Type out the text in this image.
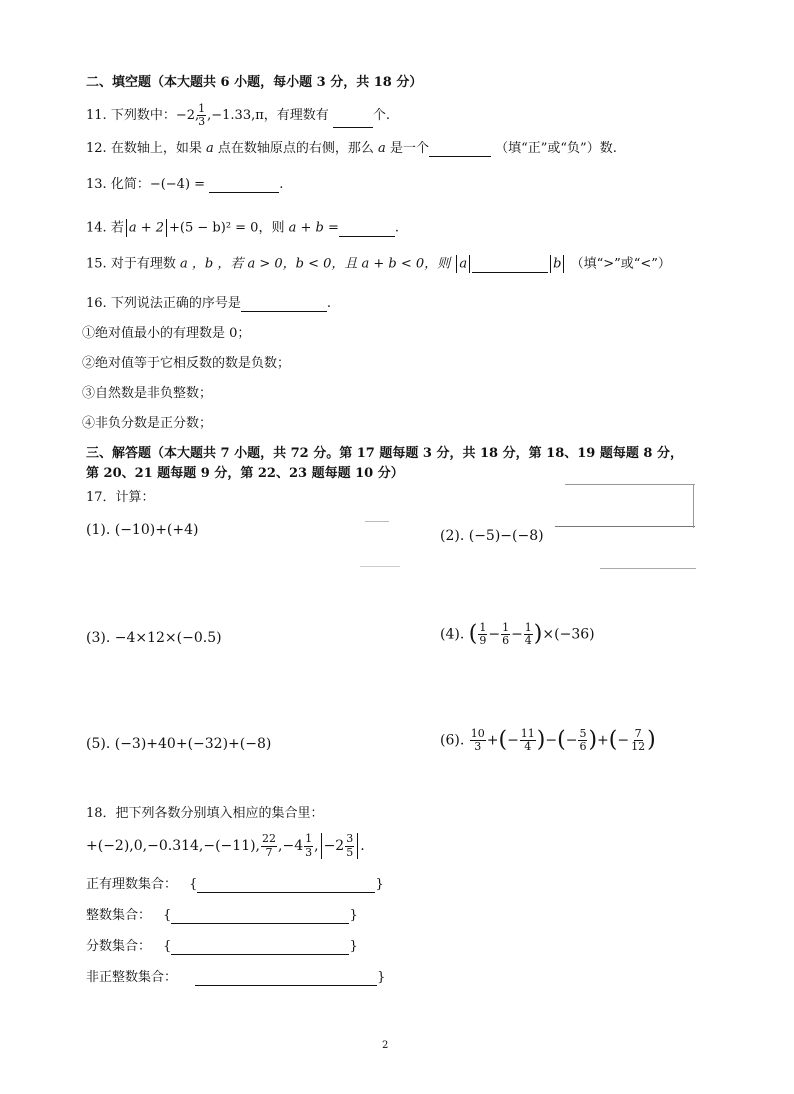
二、填空题（本大题共 6 小题，每小题 3 分，共 18 分）
11. 下列数中：−2,
$\frac{1}{3} ,-1.33,\pi$，有理数有	个.
12. 在数轴上，如果 a 点在数轴原点的右侧，那么 a 是一个	（填“正”或“负”）数.
13. 化简：−(−4) =	.
14. 若 a + 2 +(5 − b)² = 0，则 a + b =	.
15. 对于有理数 a ，b ，若 a > 0，b < 0，且 a + b < 0，则 a	b （填“>”或“<”）
16. 下列说法正确的序号是	.
①绝对值最小的有理数是 0；
②绝对值等于它相反数的数是负数；
③自然数是非负整数；
④非负分数是正分数；
三、解答题（本大题共 7 小题，共 72 分。第 17 题每题 3 分，共 18 分，第 18、19 题每题 8 分，
第 20、21 题每题 9 分，第 22、23 题每题 10 分）
17．计算：
(1). (−10)+(+4)	(2). (−5)−(−8)
(3). −4×12×(−0.5)	(4). ( $\frac{1}{9} - \frac{1}{6} - \frac{1}{4} )\times(-36)$
(5). (−3)+40+(−32)+(−8)	(6). $\frac{10}{3}$ +(− $\frac{11}{4}$ )−(− $\frac{5}{6}$ )+(− $\frac{7}{12}$ )
18．把下列各数分别填入相应的集合里：
+(−2),0,−0.314,−(−11), $\frac{22}{7} ,-4 \frac{1}{3}$ , $-2 \frac{3}{5}$ .
正有理数集合： {	}
整数集合： {	}
分数集合： {	}
非正整数集合：	}
2
